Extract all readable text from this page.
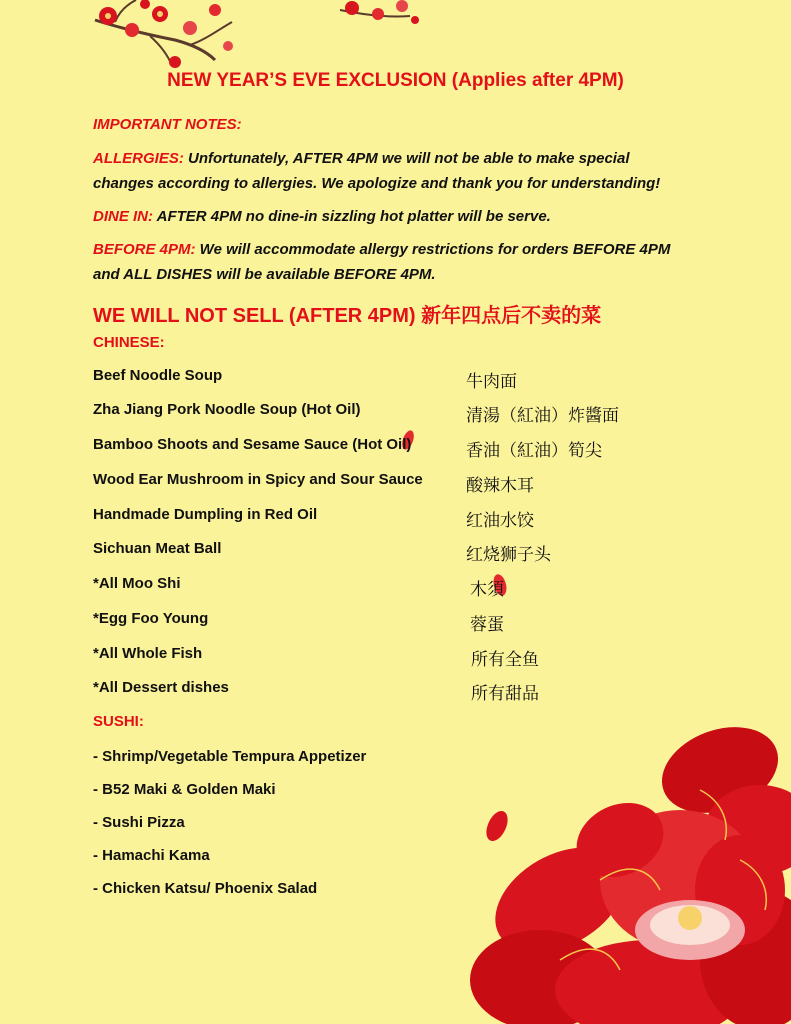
NEW YEAR’S EVE EXCLUSION (Applies after 4PM)
IMPORTANT NOTES:
ALLERGIES: Unfortunately, AFTER 4PM we will not be able to make special
changes according to allergies. We apologize and thank you for understanding!
DINE IN: AFTER 4PM no dine-in sizzling hot platter will be serve.
BEFORE 4PM: We will accommodate allergy restrictions for orders BEFORE 4PM
and ALL DISHES will be available BEFORE 4PM.
WE WILL NOT SELL (AFTER 4PM) 新年四点后不卖的菜
CHINESE:
Beef Noodle Soup	牛肉面
Zha Jiang Pork Noodle Soup (Hot Oil)	清湯（紅油）炸醬面
Bamboo Shoots and Sesame Sauce (Hot Oil)	香油（紅油）筍尖
Wood Ear Mushroom in Spicy and Sour Sauce	酸辣木耳
Handmade Dumpling in Red Oil	红油水饺
Sichuan Meat Ball	红烧狮子头
*All Moo Shi	木須
*Egg Foo Young	蓉蛋
*All Whole Fish	所有全鱼
*All Dessert dishes	所有甜品
SUSHI:
- Shrimp/Vegetable Tempura Appetizer
- B52 Maki & Golden Maki
- Sushi Pizza
- Hamachi Kama
- Chicken Katsu/ Phoenix Salad
